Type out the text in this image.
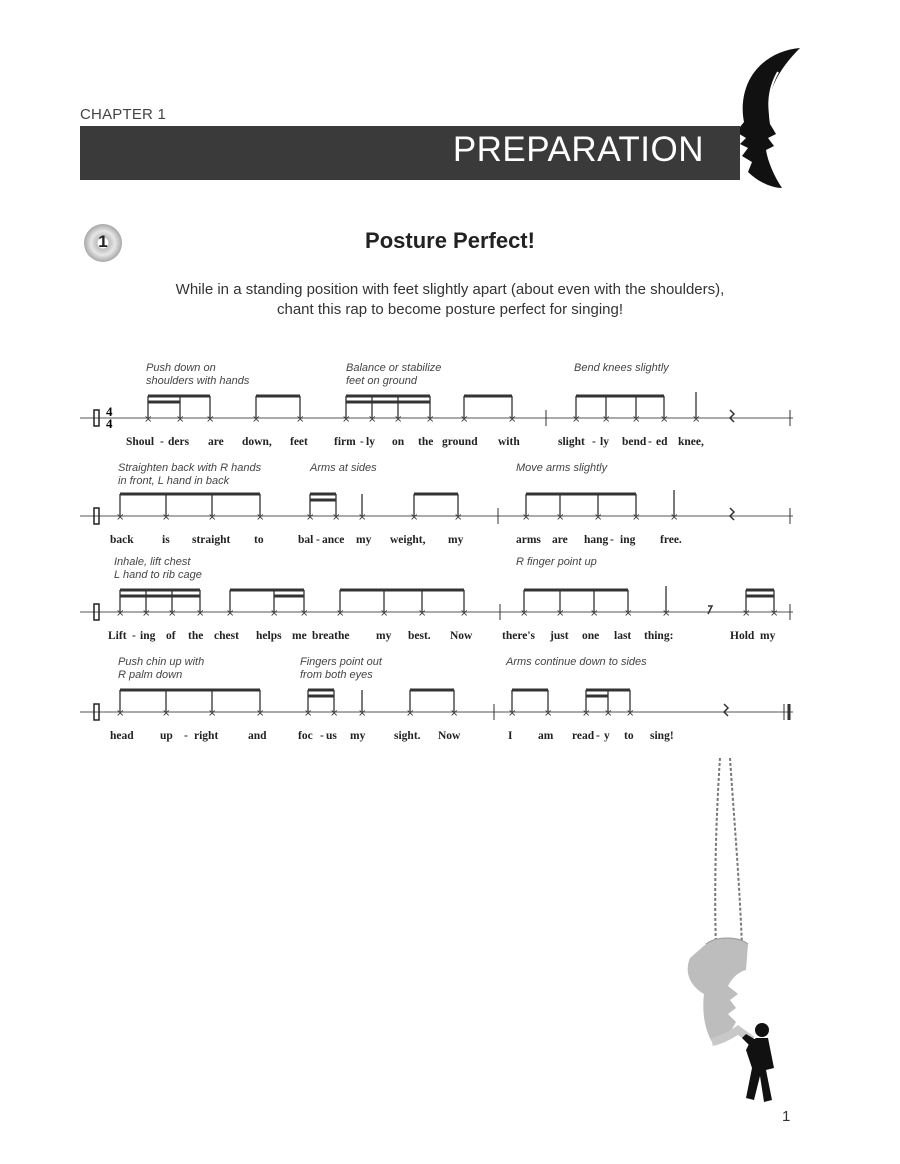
CHAPTER 1
PREPARATION
1	Posture Perfect!
While in a standing position with feet slightly apart (about even with the shoulders),
chant this rap to become posture perfect for singing!
Push down on
shoulders with hands
Balance or stabilize
feet on ground
Bend knees slightly
4
4	× × ×	×	×	× × × ×	×	×	× × × × ×
Shoul - ders are down, feet firm - ly on the ground with	slight - ly bend - ed knee,
Straighten back with R hands
in front, L hand in back
Arms at sides	Move arms slightly
×	×	×	×	× × ×	×	×	×	×	×	×	×
back is straight to	bal - ance my weight, my	arms are hang - ing free.
Inhale, lift chest
L hand to rib cage
R finger point up
× × × × ×	× ×	×	×	×	×	×	×	×	×	×	× ×
Lift - ing of the chest helps me breathe my best. Now	there's just one last thing:	Hold my
Push chin up with
R palm down
Fingers point out
from both eyes
Arms continue down to sides
×	×	×	×	× × ×	×	×	×	×	× × ×
head up - right	and	foc - us my sight. Now	I am read - y to sing!
1
